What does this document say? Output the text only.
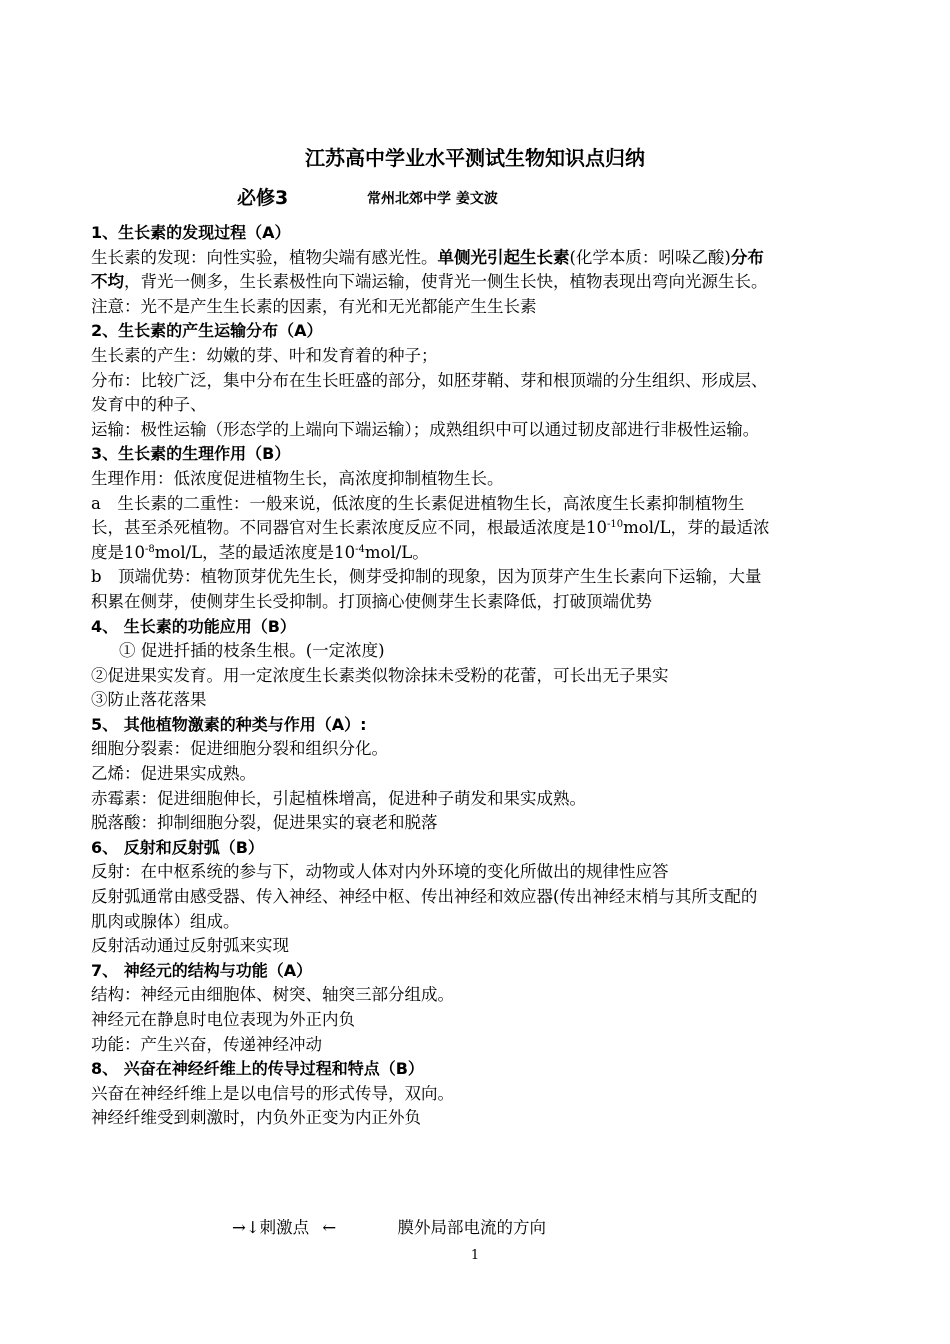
江苏高中学业水平测试生物知识点归纳
必修3	常州北郊中学 姜文波
1、生长素的发现过程（A）
生长素的发现：向性实验，植物尖端有感光性。单侧光引起生长素(化学本质：吲哚乙酸)分布不均，背光一侧多，生长素极性向下端运输，使背光一侧生长快，植物表现出弯向光源生长。
注意：光不是产生生长素的因素，有光和无光都能产生生长素
2、生长素的产生运输分布（A）
生长素的产生：幼嫩的芽、叶和发育着的种子；
分布：比较广泛，集中分布在生长旺盛的部分，如胚芽鞘、芽和根顶端的分生组织、形成层、发育中的种子、
运输：极性运输（形态学的上端向下端运输）；成熟组织中可以通过韧皮部进行非极性运输。
3、生长素的生理作用（B）
生理作用：低浓度促进植物生长，高浓度抑制植物生长。
a　生长素的二重性：一般来说，低浓度的生长素促进植物生长，高浓度生长素抑制植物生长，甚至杀死植物。不同器官对生长素浓度反应不同，根最适浓度是$10^{-10}mol/L$，芽的最适浓度是$10^{-8}mol/L$，茎的最适浓度是$10^{-4}mol/L$。
b　顶端优势：植物顶芽优先生长，侧芽受抑制的现象，因为顶芽产生生长素向下运输，大量积累在侧芽，使侧芽生长受抑制。打顶摘心使侧芽生长素降低，打破顶端优势
4、 生长素的功能应用（B）
① 促进扦插的枝条生根。(一定浓度)
②促进果实发育。用一定浓度生长素类似物涂抹未受粉的花蕾，可长出无子果实
③防止落花落果
5、 其他植物激素的种类与作用（A）:
细胞分裂素：促进细胞分裂和组织分化。
乙烯：促进果实成熟。
赤霉素：促进细胞伸长，引起植株增高，促进种子萌发和果实成熟。
脱落酸：抑制细胞分裂，促进果实的衰老和脱落
6、 反射和反射弧（B）
反射：在中枢系统的参与下，动物或人体对内外环境的变化所做出的规律性应答
反射弧通常由感受器、传入神经、神经中枢、传出神经和效应器(传出神经末梢与其所支配的肌肉或腺体）组成。
反射活动通过反射弧来实现
7、 神经元的结构与功能（A）
结构：神经元由细胞体、树突、轴突三部分组成。
神经元在静息时电位表现为外正内负
功能：产生兴奋，传递神经冲动
8、 兴奋在神经纤维上的传导过程和特点（B）
兴奋在神经纤维上是以电信号的形式传导，双向。
神经纤维受到刺激时，内负外正变为内正外负
→↓刺激点 ←	膜外局部电流的方向
1
